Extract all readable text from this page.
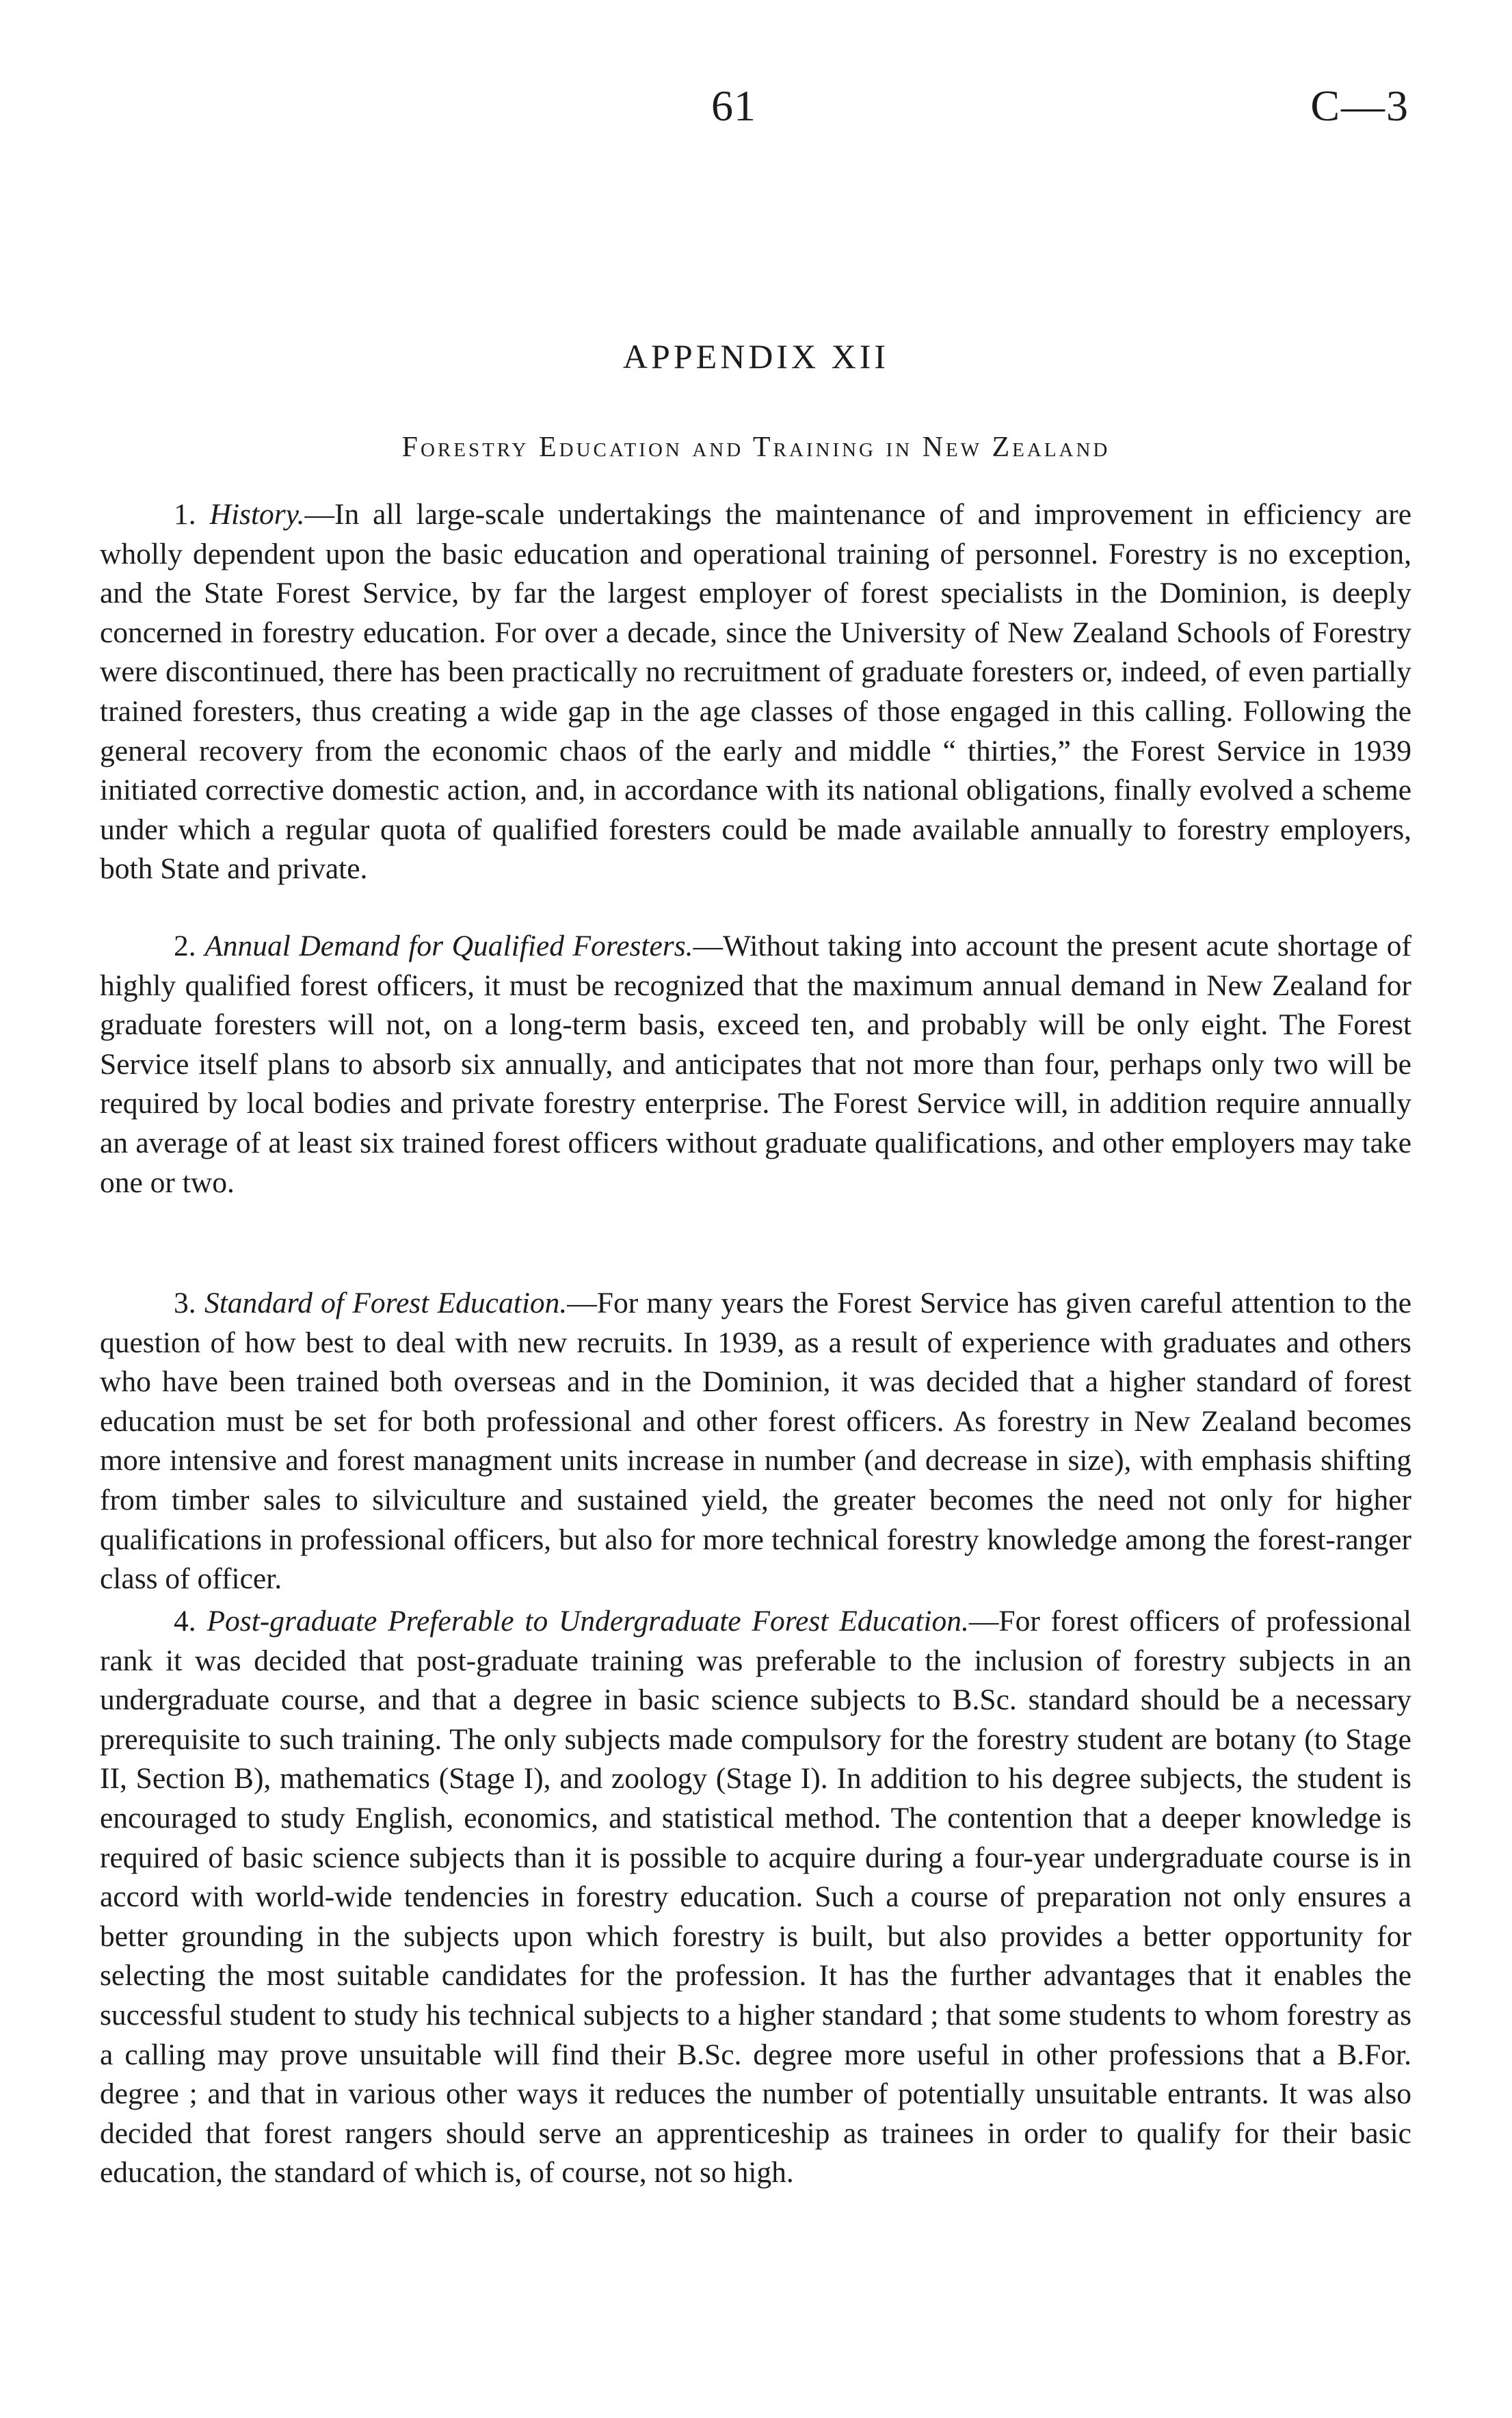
61	C—3
APPENDIX XII
Forestry Education and Training in New Zealand

1. History.—In all large-scale undertakings the maintenance of and improvement in efficiency are wholly dependent upon the basic education and operational training of personnel. Forestry is no exception, and the State Forest Service, by far the largest employer of forest specialists in the Dominion, is deeply concerned in forestry education. For over a decade, since the University of New Zealand Schools of Forestry were discontinued, there has been practically no recruitment of graduate foresters or, indeed, of even partially trained foresters, thus creating a wide gap in the age classes of those engaged in this calling. Following the general recovery from the economic chaos of the early and middle “ thirties,” the Forest Service in 1939 initiated corrective domestic action, and, in accordance with its national obligations, finally evolved a scheme under which a regular quota of qualified foresters could be made available annually to forestry employers, both State and private.

2. Annual Demand for Qualified Foresters.—Without taking into account the present acute shortage of highly qualified forest officers, it must be recognized that the maximum annual demand in New Zealand for graduate foresters will not, on a long-term basis, exceed ten, and probably will be only eight. The Forest Service itself plans to absorb six annually, and anticipates that not more than four, perhaps only two will be required by local bodies and private forestry enterprise. The Forest Service will, in addition require annually an average of at least six trained forest officers without graduate qualifications, and other employers may take one or two.

3. Standard of Forest Education.—For many years the Forest Service has given careful attention to the question of how best to deal with new recruits. In 1939, as a result of experience with graduates and others who have been trained both overseas and in the Dominion, it was decided that a higher standard of forest education must be set for both professional and other forest officers. As forestry in New Zealand becomes more intensive and forest managment units increase in number (and decrease in size), with emphasis shifting from timber sales to silviculture and sustained yield, the greater becomes the need not only for higher qualifications in professional officers, but also for more technical forestry knowledge among the forest-ranger class of officer.

4. Post-graduate Preferable to Undergraduate Forest Education.—For forest officers of professional rank it was decided that post-graduate training was preferable to the inclusion of forestry subjects in an undergraduate course, and that a degree in basic science subjects to B.Sc. standard should be a necessary prerequisite to such training. The only subjects made compulsory for the forestry student are botany (to Stage II, Section B), mathematics (Stage I), and zoology (Stage I). In addition to his degree subjects, the student is encouraged to study English, economics, and statistical method. The contention that a deeper knowledge is required of basic science subjects than it is possible to acquire during a four-year undergraduate course is in accord with world-wide tendencies in forestry education. Such a course of preparation not only ensures a better grounding in the subjects upon which forestry is built, but also provides a better opportunity for selecting the most suitable candidates for the profession. It has the further advantages that it enables the successful student to study his technical subjects to a higher standard ; that some students to whom forestry as a calling may prove unsuitable will find their B.Sc. degree more useful in other professions that a B.For. degree ; and that in various other ways it reduces the number of potentially unsuitable entrants. It was also decided that forest rangers should serve an apprenticeship as trainees in order to qualify for their basic education, the standard of which is, of course, not so high.
